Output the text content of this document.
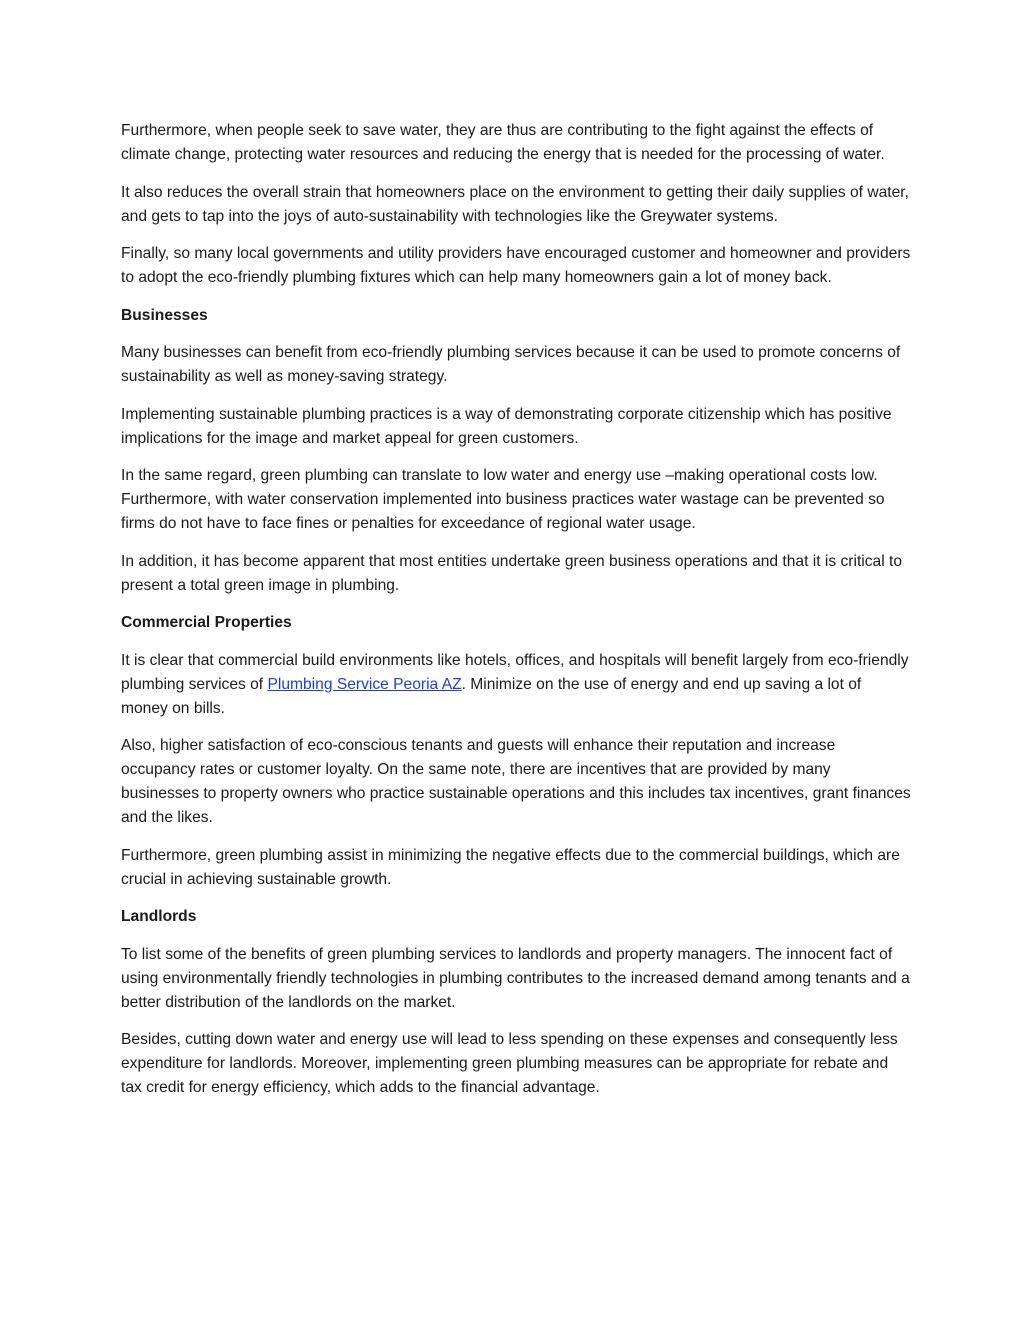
Furthermore, when people seek to save water, they are thus are contributing to the fight against the effects of climate change, protecting water resources and reducing the energy that is needed for the processing of water.

It also reduces the overall strain that homeowners place on the environment to getting their daily supplies of water, and gets to tap into the joys of auto-sustainability with technologies like the Greywater systems.

Finally, so many local governments and utility providers have encouraged customer and homeowner and providers to adopt the eco-friendly plumbing fixtures which can help many homeowners gain a lot of money back.

Businesses

Many businesses can benefit from eco-friendly plumbing services because it can be used to promote concerns of sustainability as well as money-saving strategy.

Implementing sustainable plumbing practices is a way of demonstrating corporate citizenship which has positive implications for the image and market appeal for green customers.

In the same regard, green plumbing can translate to low water and energy use –making operational costs low. Furthermore, with water conservation implemented into business practices water wastage can be prevented so firms do not have to face fines or penalties for exceedance of regional water usage.

In addition, it has become apparent that most entities undertake green business operations and that it is critical to present a total green image in plumbing.

Commercial Properties

It is clear that commercial build environments like hotels, offices, and hospitals will benefit largely from eco-friendly plumbing services of Plumbing Service Peoria AZ. Minimize on the use of energy and end up saving a lot of money on bills.

Also, higher satisfaction of eco-conscious tenants and guests will enhance their reputation and increase occupancy rates or customer loyalty. On the same note, there are incentives that are provided by many businesses to property owners who practice sustainable operations and this includes tax incentives, grant finances and the likes.

Furthermore, green plumbing assist in minimizing the negative effects due to the commercial buildings, which are crucial in achieving sustainable growth.

Landlords

To list some of the benefits of green plumbing services to landlords and property managers. The innocent fact of using environmentally friendly technologies in plumbing contributes to the increased demand among tenants and a better distribution of the landlords on the market.

Besides, cutting down water and energy use will lead to less spending on these expenses and consequently less expenditure for landlords. Moreover, implementing green plumbing measures can be appropriate for rebate and tax credit for energy efficiency, which adds to the financial advantage.
